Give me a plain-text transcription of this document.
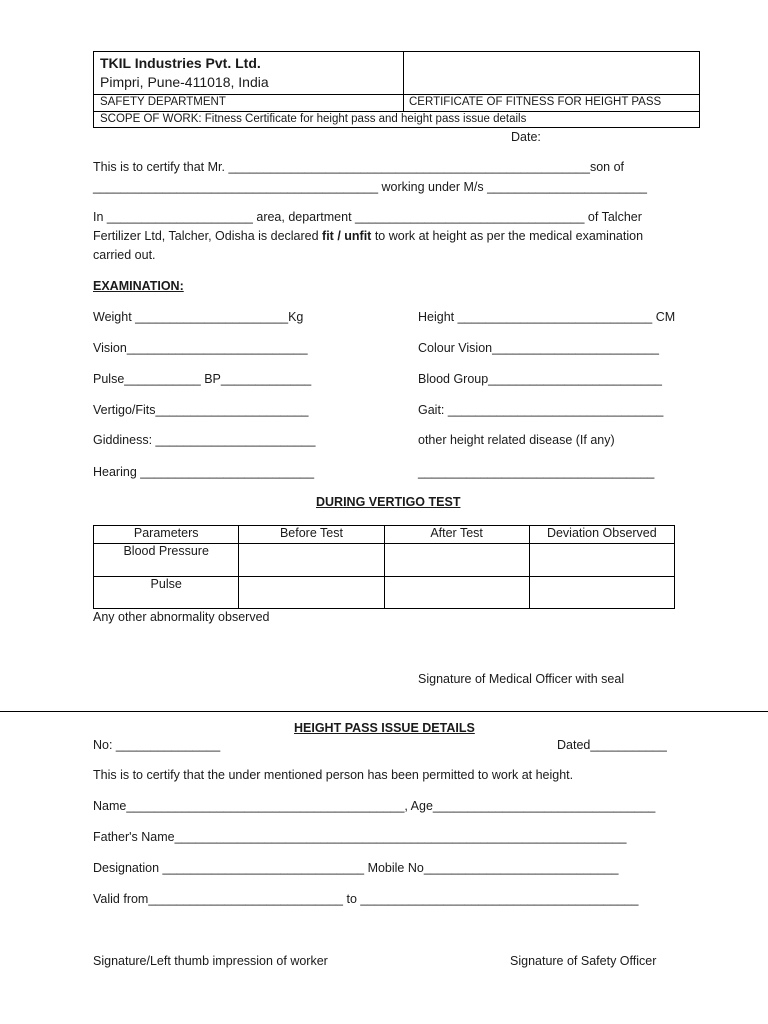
TKIL Industries Pvt. Ltd.
Pimpri, Pune-411018, India
SAFETY DEPARTMENT	CERTIFICATE OF FITNESS FOR HEIGHT PASS
SCOPE OF WORK: Fitness Certificate for height pass and height pass issue details
Date:
This is to certify that Mr. ____________________________________________________son of
_________________________________________ working under M/s _______________________
In _____________________ area, department _________________________________ of Talcher
Fertilizer Ltd, Talcher, Odisha is declared fit / unfit to work at height as per the medical examination
carried out.
EXAMINATION:
Weight ______________________Kg
Vision__________________________
Pulse___________ BP_____________
Vertigo/Fits______________________
Giddiness: _______________________
Hearing _________________________
Height ____________________________ CM
Colour Vision________________________
Blood Group_________________________
Gait: _______________________________
other height related disease (If any)
__________________________________
DURING VERTIGO TEST
Parameters	Before Test	After Test	Deviation Observed
Blood Pressure			
Pulse			
Any other abnormality observed
Signature of Medical Officer with seal
HEIGHT PASS ISSUE DETAILS
No: _______________	Dated___________
This is to certify that the under mentioned person has been permitted to work at height.
Name________________________________________, Age________________________________
Father's Name_________________________________________________________________
Designation _____________________________ Mobile No____________________________
Valid from____________________________ to ________________________________________
Signature/Left thumb impression of worker	Signature of Safety Officer
